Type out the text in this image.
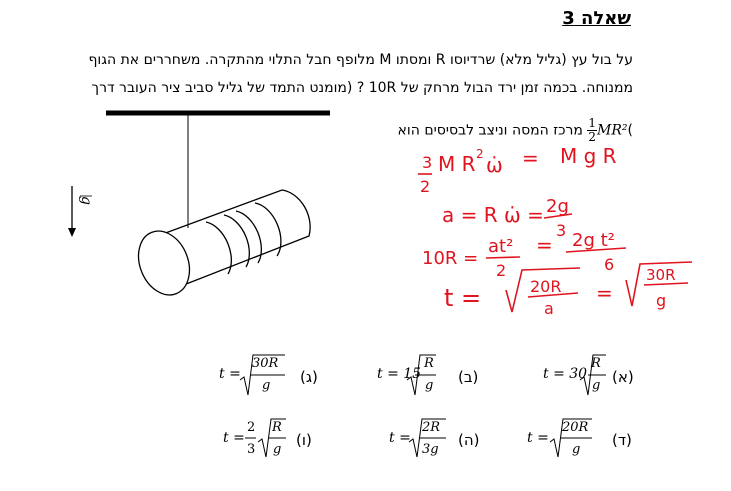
שאלה 3
על בול עץ (גליל מלא) שרדיוסו R ומסתו M מלופף חבל התלוי מהתקרה. משחררים את הגוף
ממנוחה. בכמה זמן ירד הבול מרחק של 10R ? (מומנט התמד של גליל סביב ציר העובר דרך
)MR²
$\frac{1}{2}$
מרכז המסה וניצב לבסיסים הוא
g
3
2
M R 2 ω̇ = M g R
a = R ω̇ = 2g
3
10R =
at²
2
= 2g t²
6
t =	20R
a
=
30R
g
(א)
(ב)
(ג)
(ד)
(ה)
(ו)
t = 30
R
g
t = 15
R
g
t =
30R
g
t =
20R
g
t =
2R
3g
t =
2
3
R
g
